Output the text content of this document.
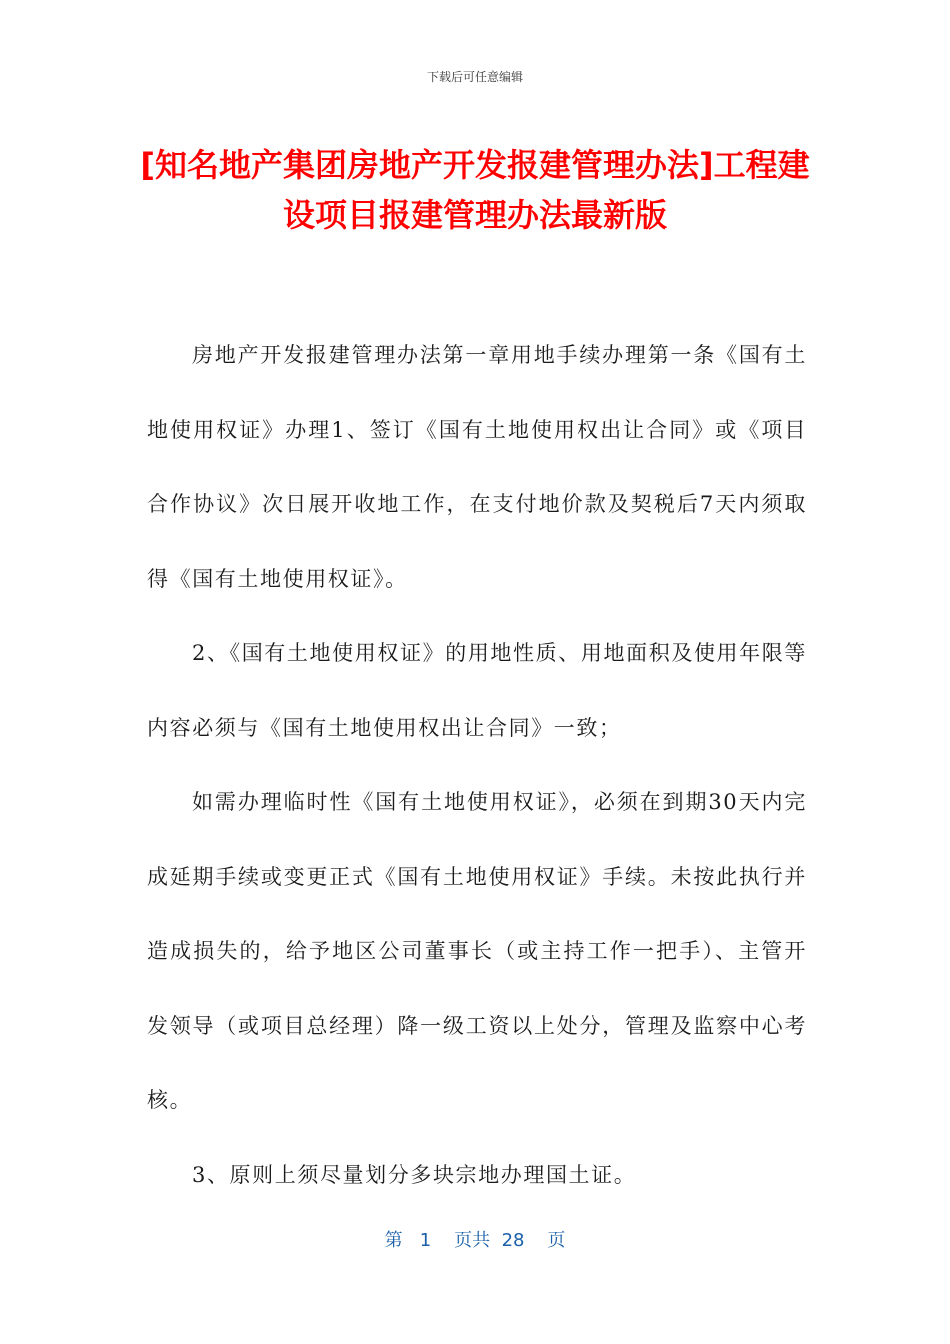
下载后可任意编辑
[知名地产集团房地产开发报建管理办法]工程建设项目报建管理办法最新版

房地产开发报建管理办法第一章用地手续办理第一条《国有土地使用权证》办理1、签订《国有土地使用权出让合同》或《项目合作协议》次日展开收地工作，在支付地价款及契税后7天内须取得《国有土地使用权证》。

2、《国有土地使用权证》的用地性质、用地面积及使用年限等内容必须与《国有土地使用权出让合同》一致；

如需办理临时性《国有土地使用权证》，必须在到期30天内完成延期手续或变更正式《国有土地使用权证》手续。未按此执行并造成损失的，给予地区公司董事长（或主持工作一把手）、主管开发领导（或项目总经理）降一级工资以上处分，管理及监察中心考核。

3、原则上须尽量划分多块宗地办理国土证。

第 1 页共 28 页
